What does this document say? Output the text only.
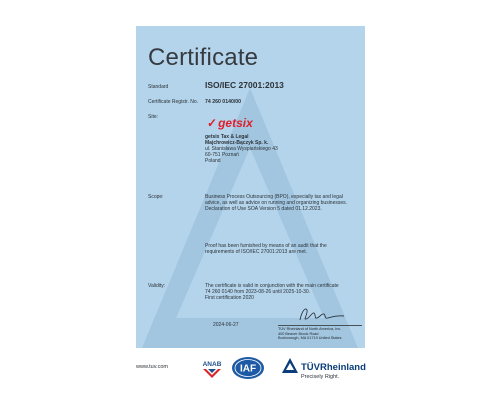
Certificate
Standard	ISO/IEC 27001:2013
Certificate Registr. No. 74 260 0140/00
Site:	✓getsix
getsix Tax & Legal
Majchrowicz-Bączyk Sp. k.
ul. Stanisława Wyspiańskiego 43
60-751 Poznań
Poland
Scope:	Business Process Outsourcing (BPO), especially tax and legal
advice, as well as advice on running and organizing businesses.
Declaration of Use SOA Version 5 dated 01.12.2023.
Proof has been furnished by means of an audit that the
requirements of ISO/IEC 27001:2013 are met.
Validity:	The certificate is valid in conjunction with the main certificate
74 260 0140 from 2023-08-26 until 2025-10-30.
First certification 2020
2024-06-27
TÜV Rheinland of North America, Inc.
400 Beaver Brook Road
Boxborough, MA 01719 United States
www.tuv.com	ANAB IAF	TÜVRheinland
Precisely Right.
